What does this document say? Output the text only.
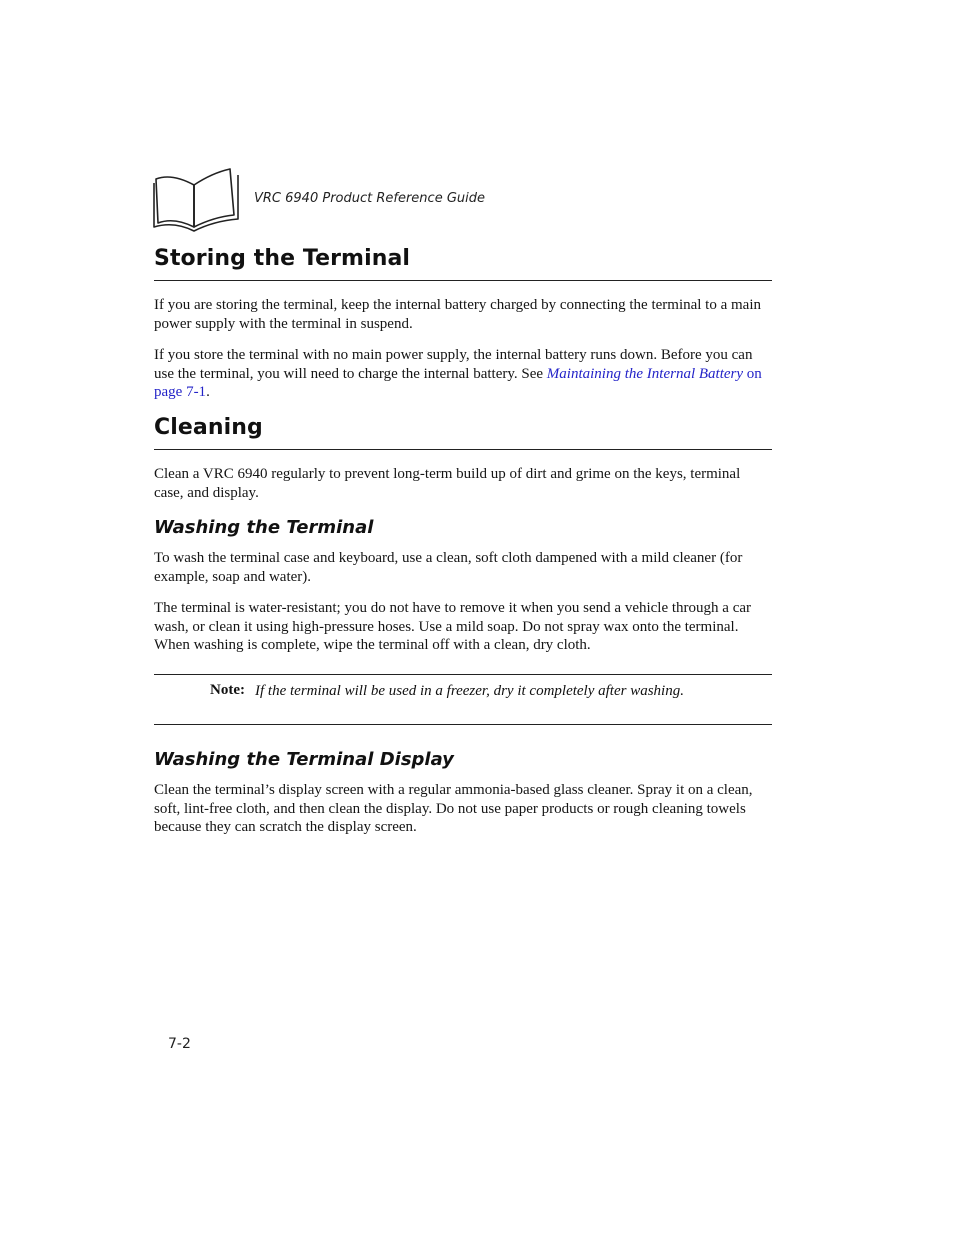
VRC 6940 Product Reference Guide
Storing the Terminal

If you are storing the terminal, keep the internal battery charged by connecting the terminal to a main power supply with the terminal in suspend.

If you store the terminal with no main power supply, the internal battery runs down. Before you can use the terminal, you will need to charge the internal battery. See Maintaining the Internal Battery on page 7-1.

Cleaning

Clean a VRC 6940 regularly to prevent long-term build up of dirt and grime on the keys, terminal case, and display.

Washing the Terminal

To wash the terminal case and keyboard, use a clean, soft cloth dampened with a mild cleaner (for example, soap and water).

The terminal is water-resistant; you do not have to remove it when you send a vehicle through a car wash, or clean it using high-pressure hoses. Use a mild soap. Do not spray wax onto the terminal. When washing is complete, wipe the terminal off with a clean, dry cloth.

Note: If the terminal will be used in a freezer, dry it completely after washing.
Washing the Terminal Display

Clean the terminal’s display screen with a regular ammonia-based glass cleaner. Spray it on a clean, soft, lint-free cloth, and then clean the display. Do not use paper products or rough cleaning towels because they can scratch the display screen.

7-2
